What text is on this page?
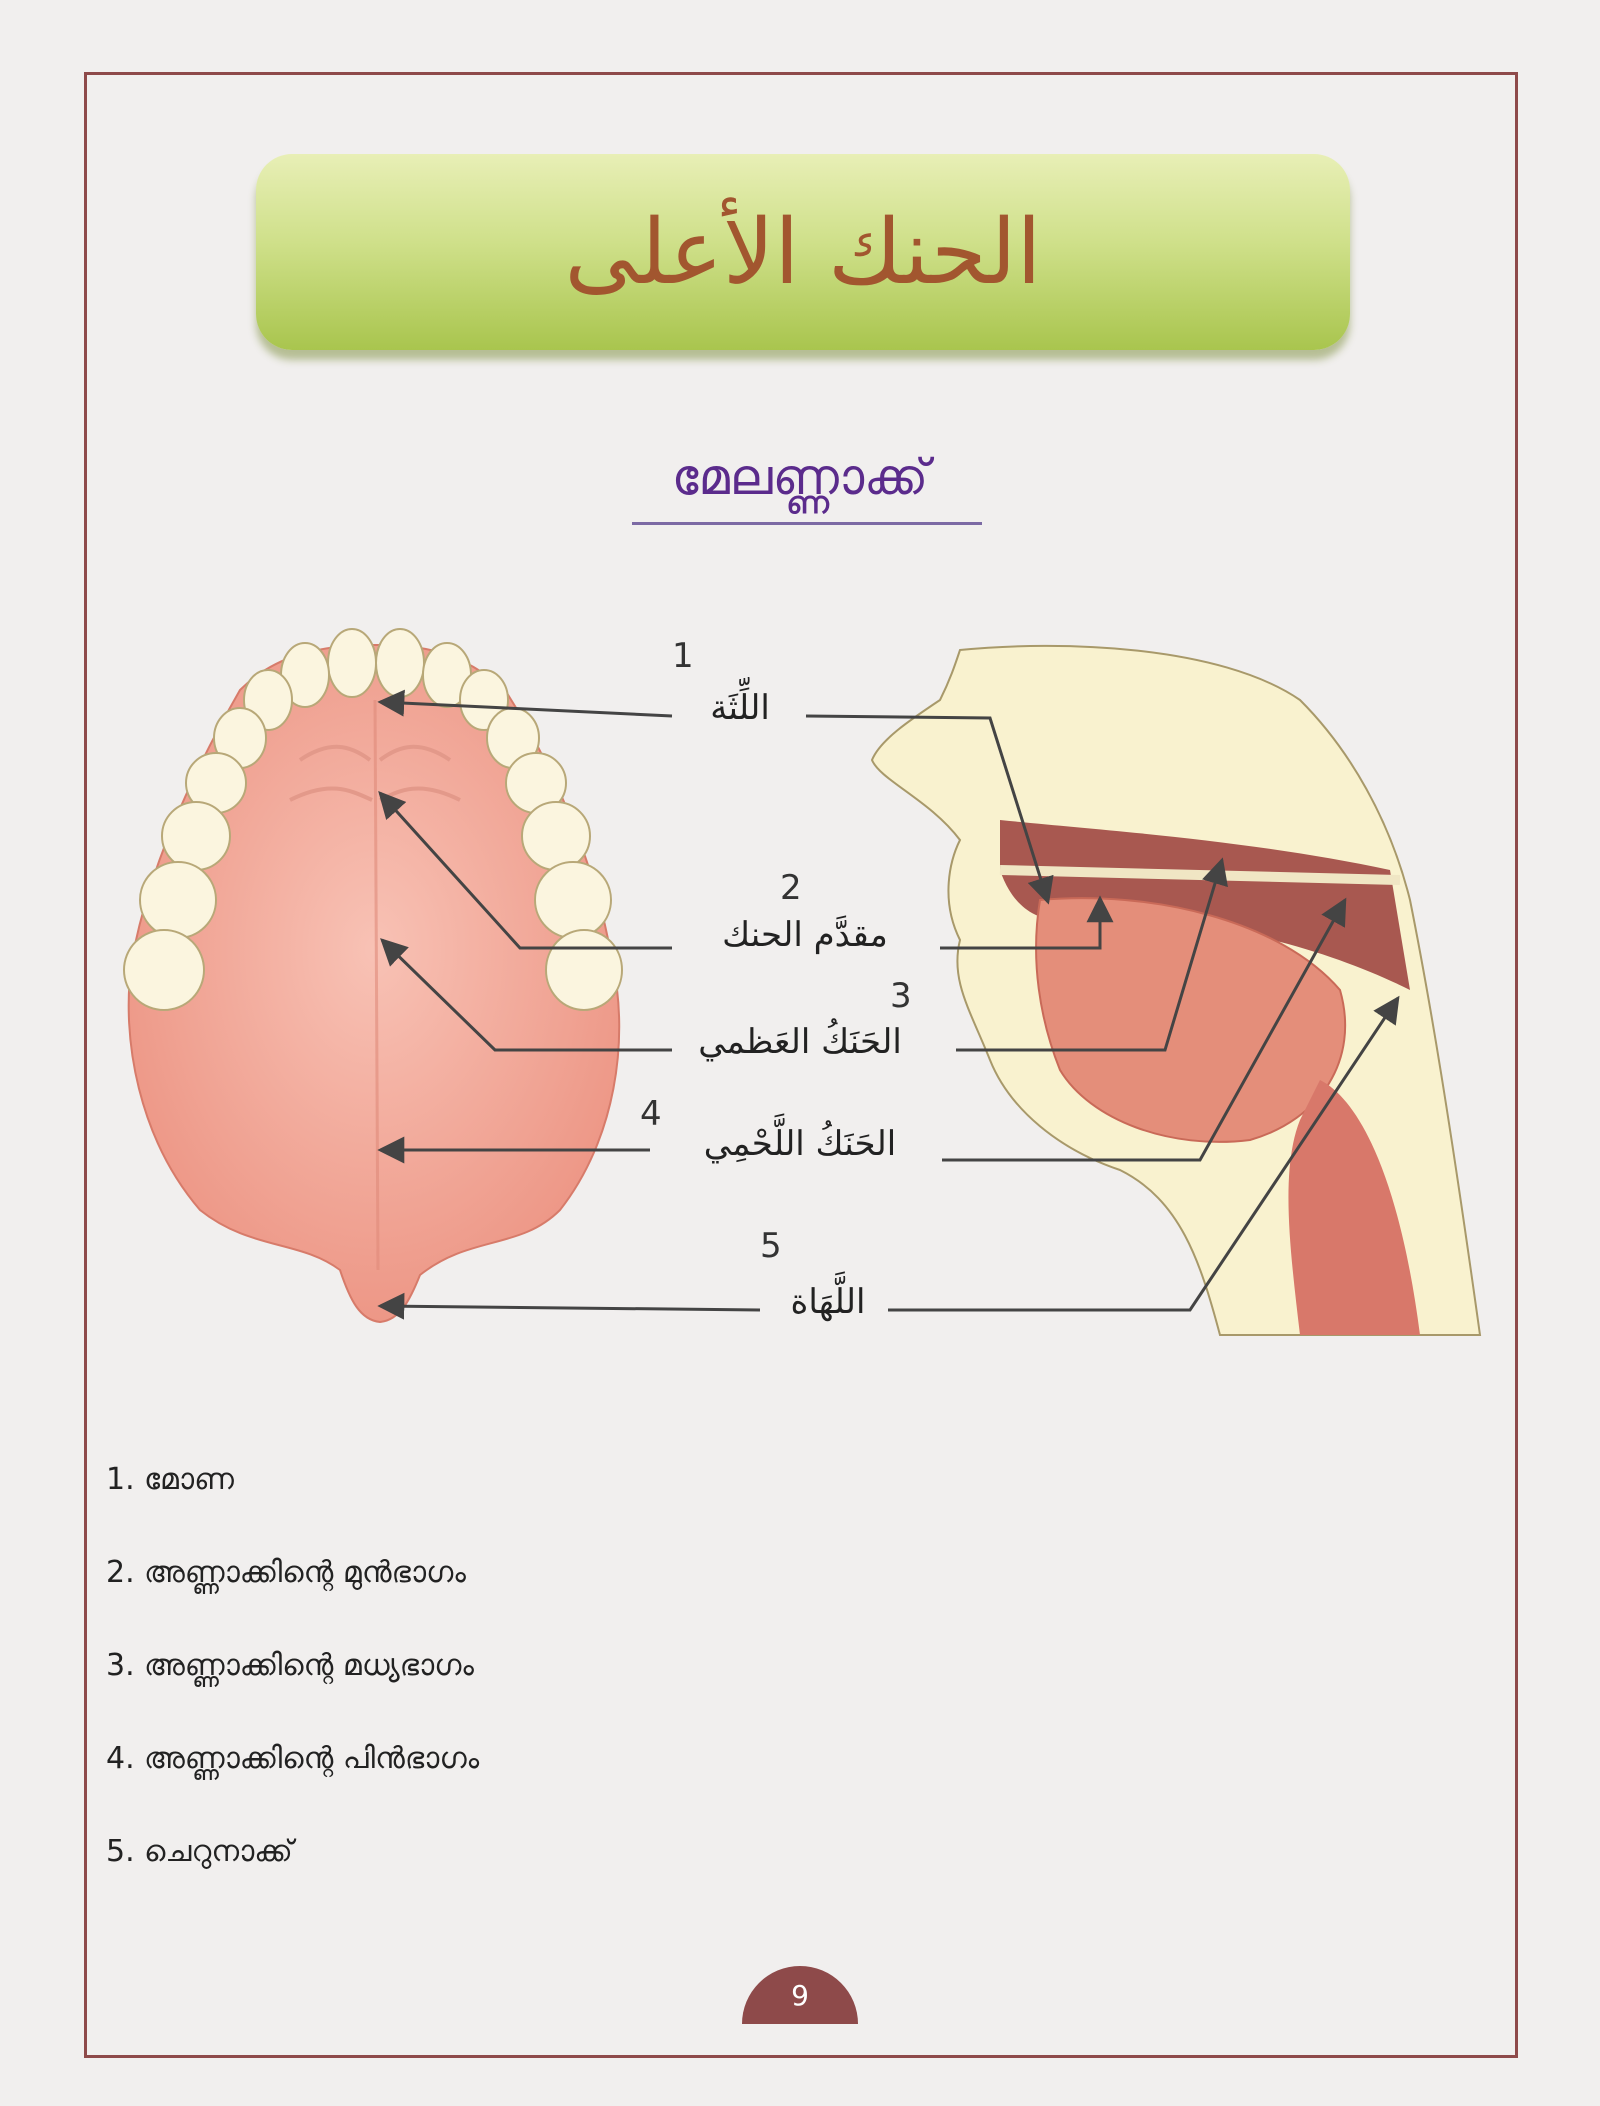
الحنك الأعلى
മേലണ്ണാക്ക്
1
اللِّثَة
2
مقدَّم الحنك
3
الحَنَكُ العَظمي
4
الحَنَكُ اللَّحْمِي
5
اللَّهَاة
1. മോണ
2. അണ്ണാക്കിന്റെ മുൻഭാഗം
3. അണ്ണാക്കിന്റെ മധ്യഭാഗം
4. അണ്ണാക്കിന്റെ പിൻഭാഗം
5. ചെറുനാക്ക്
9
